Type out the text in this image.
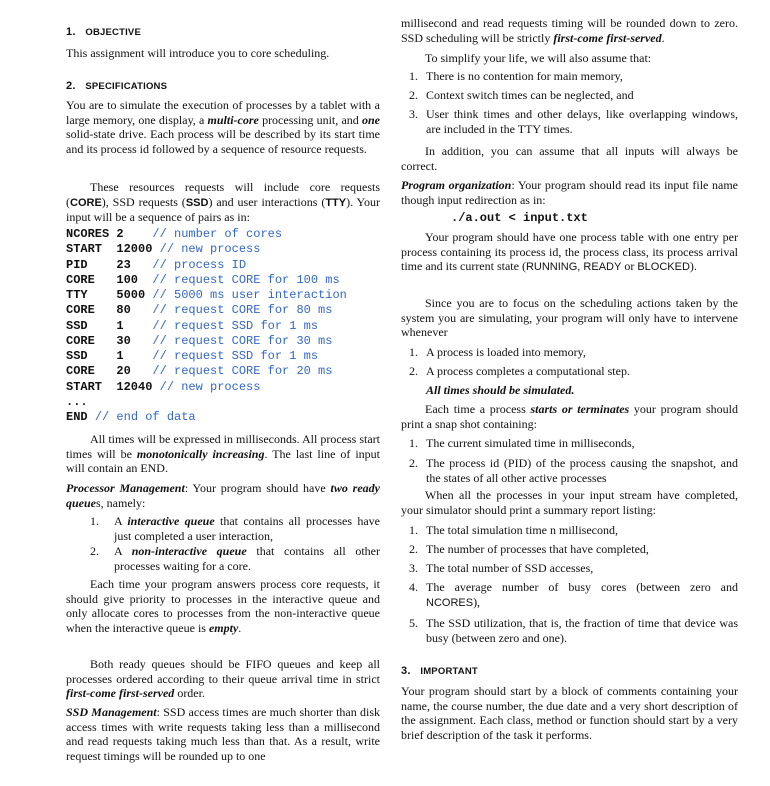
1. OBJECTIVE
This assignment will introduce you to core scheduling.
2. SPECIFICATIONS
You are to simulate the execution of processes by a tablet with a large memory, one display, a multi-core processing unit, and one solid-state drive. Each process will be described by its start time and its process id followed by a sequence of resource requests.
These resources requests will include core requests (CORE), SSD requests (SSD) and user interactions (TTY). Your input will be a sequence of pairs as in:
NCORES 2    // number of cores
START  12000 // new process
PID    23   // process ID
CORE   100  // request CORE for 100 ms
TTY    5000 // 5000 ms user interaction
CORE   80   // request CORE for 80 ms
SSD    1    // request SSD for 1 ms
CORE   30   // request CORE for 30 ms
SSD    1    // request SSD for 1 ms
CORE   20   // request CORE for 20 ms
START  12040 // new process
...
END // end of data
All times will be expressed in milliseconds. All process start times will be monotonically increasing. The last line of input will contain an END.
Processor Management: Your program should have two ready queues, namely:
1.	A interactive queue that contains all processes have just completed a user interaction,
2.	A non-interactive queue that contains all other processes waiting for a core.
Each time your program answers process core requests, it should give priority to processes in the interactive queue and only allocate cores to processes from the non-interactive queue when the interactive queue is empty.
Both ready queues should be FIFO queues and keep all processes ordered according to their queue arrival time in strict first-come first-served order.
SSD Management: SSD access times are much shorter than disk access times with write requests taking less than a millisecond and read requests taking much less than that. As a result, write request timings will be rounded up to one
millisecond and read requests timing will be rounded down to zero. SSD scheduling will be strictly first-come first-served.
To simplify your life, we will also assume that:
1. There is no contention for main memory,
2. Context switch times can be neglected, and
3. User think times and other delays, like overlapping windows, are included in the TTY times.
In addition, you can assume that all inputs will always be correct.
Program organization: Your program should read its input file name though input redirection as in:
./a.out < input.txt
Your program should have one process table with one entry per process containing its process id, the process class, its process arrival time and its current state (RUNNING, READY or BLOCKED).
Since you are to focus on the scheduling actions taken by the system you are simulating, your program will only have to intervene whenever
1. A process is loaded into memory,
2. A process completes a computational step.
All times should be simulated.
Each time a process starts or terminates your program should print a snap shot containing:
1. The current simulated time in milliseconds,
2. The process id (PID) of the process causing the snapshot, and the states of all other active processes
When all the processes in your input stream have completed, your simulator should print a summary report listing:
1. The total simulation time n millisecond,
2. The number of processes that have completed,
3. The total number of SSD accesses,
4. The average number of busy cores (between zero and NCORES),
5. The SSD utilization, that is, the fraction of time that device was busy (between zero and one).
3. IMPORTANT
Your program should start by a block of comments containing your name, the course number, the due date and a very short description of the assignment. Each class, method or function should start by a very brief description of the task it performs.
